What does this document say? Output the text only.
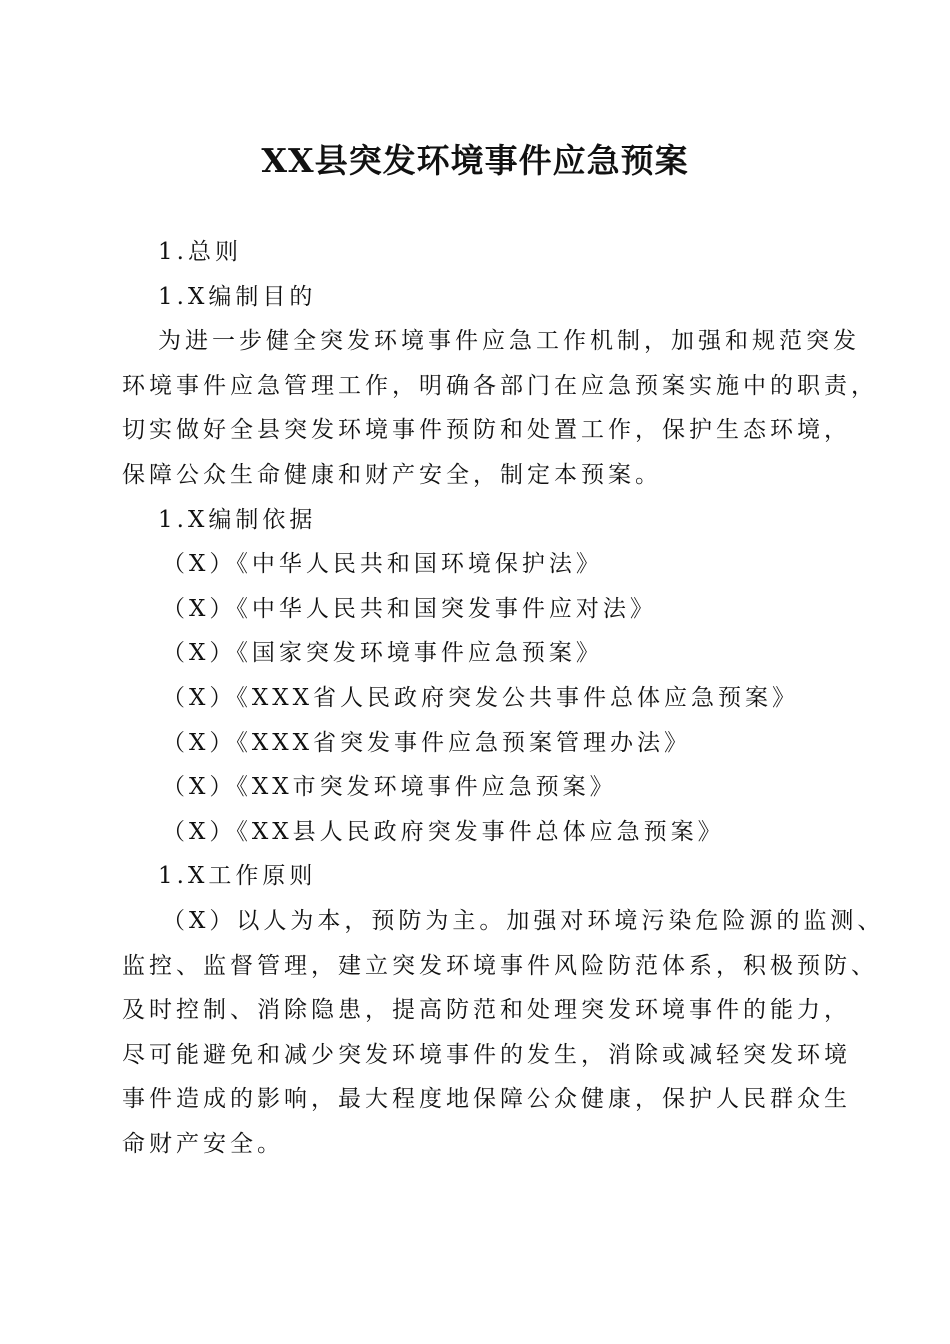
XX县突发环境事件应急预案
1.总则
1.X编制目的
为进一步健全突发环境事件应急工作机制，加强和规范突发
环境事件应急管理工作，明确各部门在应急预案实施中的职责，
切实做好全县突发环境事件预防和处置工作，保护生态环境，
保障公众生命健康和财产安全，制定本预案。
1.X编制依据
（X）《中华人民共和国环境保护法》
（X）《中华人民共和国突发事件应对法》
（X）《国家突发环境事件应急预案》
（X）《XXX省人民政府突发公共事件总体应急预案》
（X）《XXX省突发事件应急预案管理办法》
（X）《XX市突发环境事件应急预案》
（X）《XX县人民政府突发事件总体应急预案》
1.X工作原则
（X）以人为本，预防为主。加强对环境污染危险源的监测、
监控、监督管理，建立突发环境事件风险防范体系，积极预防、
及时控制、消除隐患，提高防范和处理突发环境事件的能力，
尽可能避免和减少突发环境事件的发生，消除或减轻突发环境
事件造成的影响，最大程度地保障公众健康，保护人民群众生
命财产安全。
